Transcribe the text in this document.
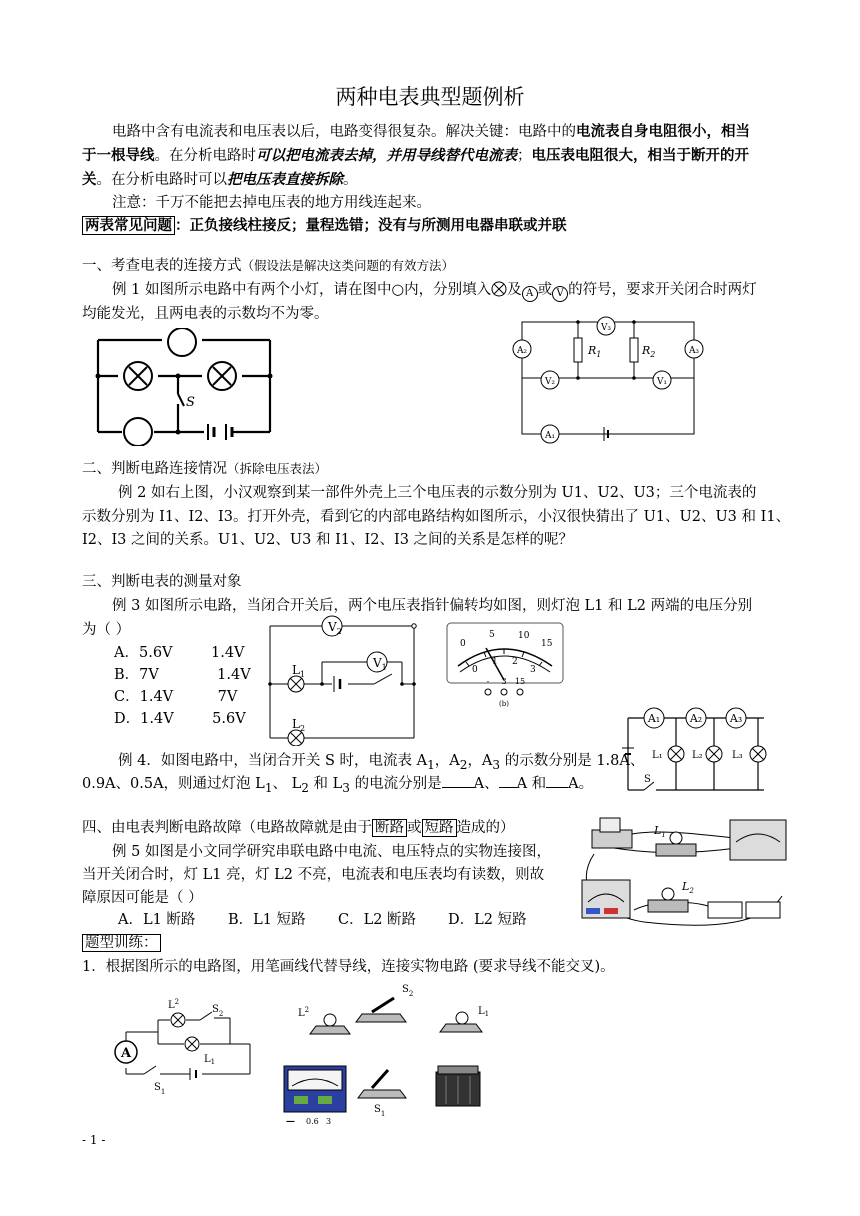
两种电表典型题例析
电路中含有电流表和电压表以后，电路变得很复杂。解决关键：电路中的电流表自身电阻很小，相当
于一根导线。在分析电路时可以把电流表去掉，并用导线替代电流表；电压表电阻很大，相当于断开的开
关。在分析电路时可以把电压表直接拆除。
注意：千万不能把去掉电压表的地方用线连起来。
两表常见问题 ：正负接线柱接反；量程选错；没有与所测用电器串联或并联
一、考查电表的连接方式（假设法是解决这类问题的有效方法）
例 1 如图所示电路中有两个小灯，请在图中○内，分别填入 及 A 或 V 的符号，要求开关闭合时两灯
均能发光，且两电表的示数均不为零。
S
$R_1$	$R_2$
V₃
A₂	A₃
V₂	V₁
A₁
二、判断电路连接情况（拆除电压表法）
例 2 如右上图，小汉观察到某一部件外壳上三个电压表的示数分别为 U1、U2、U3；三个电流表的
示数分别为 I1、I2、I3。打开外壳，看到它的内部电路结构如图所示，小汉很快猜出了 U1、U2、U3 和 I1、
I2、I3 之间的关系。U1、U2、U3 和 I1、I2、I3 之间的关系是怎样的呢？
三、判断电表的测量对象
例 3 如图所示电路，当闭合开关后，两个电压表指针偏转均如图，则灯泡 L1 和 L2 两端的电压分别
为（ ）
A．5.6V	1.4V
B．7V	1.4V
C．1.4V	7V
D．1.4V	5.6V
$V_2$
$V_1$
$L_1$
$L_2$
0
5	10
15
0
1 2
3
- 3 15
(b)
A₁	A₂	A₃
L₁	L₂	L₃
S
例 4．如图电路中，当闭合开关 S 时，电流表 $A_1$，$A_2$，$A_3$ 的示数分别是 1.8A、
0.9A、0.5A，则通过灯泡 $L_1$、 $L_2$ 和 $L_3$ 的电流分别是 A、 A 和 A。
四、由电表判断电路故障（电路故障就是由于 断路 或 短路 造成的）
例 5 如图是小文同学研究串联电路中电流、电压特点的实物连接图，
当开关闭合时，灯 L1 亮，灯 L2 不亮，电流表和电压表均有读数，则故
障原因可能是（ ）
A．L1 断路 B．L1 短路 C．L2 断路 D．L2 短路
$L_1$
$L_2$
题型训练：
1．根据图所示的电路图，用笔画线代替导线，连接实物电路 (要求导线不能交叉)。
A
$L^2$
$S_2$
$L_1$
$S_1$
$L^2$
$S_2$
$L_1$
— 0.6 3
$S_1$
- 1 -
